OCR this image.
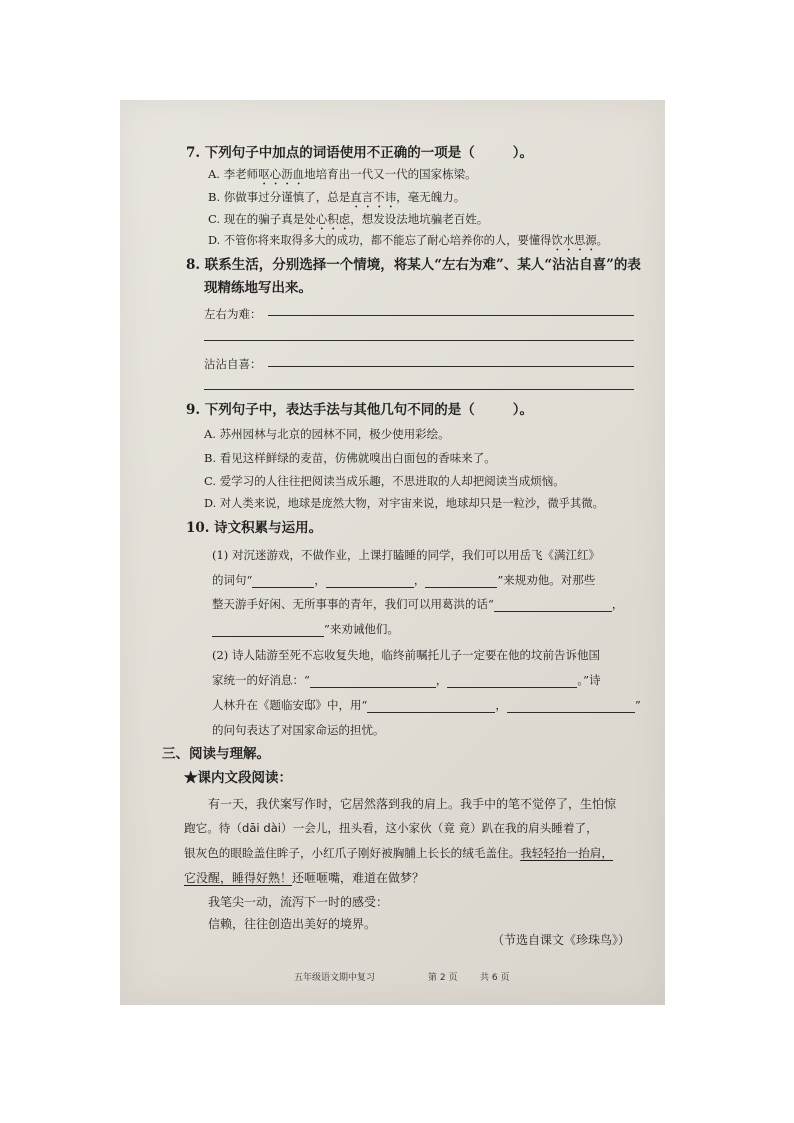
7. 下列句子中加点的词语使用不正确的一项是（	）。
A. 李老师呕心沥血地培育出一代又一代的国家栋梁。
B. 你做事过分谨慎了，总是直言不讳，毫无魄力。
C. 现在的骗子真是处心积虑，想发设法地坑骗老百姓。
D. 不管你将来取得多大的成功，都不能忘了耐心培养你的人，要懂得饮水思源。
8. 联系生活，分别选择一个情境，将某人“左右为难”、某人“沾沾自喜”的表
现精练地写出来。
左右为难：
沾沾自喜：
9. 下列句子中，表达手法与其他几句不同的是（	）。
A. 苏州园林与北京的园林不同，极少使用彩绘。
B. 看见这样鲜绿的麦苗，仿佛就嗅出白面包的香味来了。
C. 爱学习的人往往把阅读当成乐趣，不思进取的人却把阅读当成烦恼。
D. 对人类来说，地球是庞然大物，对宇宙来说，地球却只是一粒沙，微乎其微。
10. 诗文积累与运用。
(1) 对沉迷游戏，不做作业，上课打瞌睡的同学，我们可以用岳飞《满江红》
的词句“	，	，	”来规劝他。对那些
整天游手好闲、无所事事的青年，我们可以用葛洪的话“	，
”来劝诫他们。
(2) 诗人陆游至死不忘收复失地，临终前嘱托儿子一定要在他的坟前告诉他国
家统一的好消息：“	，	。”诗
人林升在《题临安邸》中，用“	，	”
的问句表达了对国家命运的担忧。
三、阅读与理解。
★课内文段阅读：
有一天，我伏案写作时，它居然落到我的肩上。我手中的笔不觉停了，生怕惊
跑它。待（dāi dài）一会儿，扭头看，这小家伙（竟 竟）趴在我的肩头睡着了，
银灰色的眼睑盖住眸子，小红爪子刚好被胸脯上长长的绒毛盖住。我轻轻抬一抬肩，
它没醒，睡得好熟！还咂咂嘴，难道在做梦？
我笔尖一动，流泻下一时的感受：
信赖，往往创造出美好的境界。
（节选自课文《珍珠鸟》）
五年级语文期中复习	第 2 页	共 6 页
